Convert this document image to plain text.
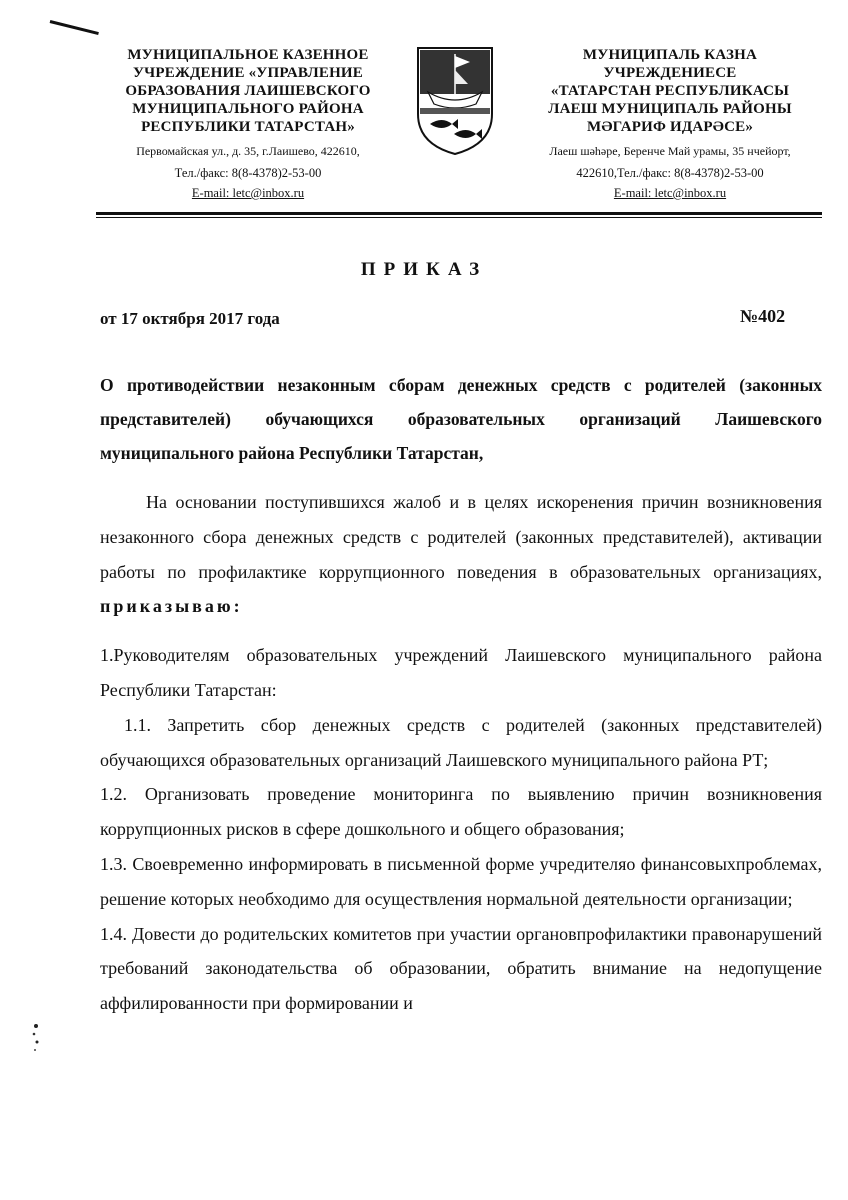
МУНИЦИПАЛЬНОЕ КАЗЕННОЕ
УЧРЕЖДЕНИЕ «УПРАВЛЕНИЕ
ОБРАЗОВАНИЯ ЛАИШЕВСКОГО
МУНИЦИПАЛЬНОГО РАЙОНА
РЕСПУБЛИКИ ТАТАРСТАН»
Первомайская ул., д. 35, г.Лаишево, 422610,
Тел./факс: 8(8-4378)2-53-00
E-mail: letc@inbox.ru
МУНИЦИПАЛЬ КАЗНА
УЧРЕЖДЕНИЕСЕ
«ТАТАРСТАН РЕСПУБЛИКАСЫ
ЛАЕШ МУНИЦИПАЛЬ РАЙОНЫ
МӘГАРИФ ИДАРӘСЕ»
Лаеш шәһәре, Беренче Май урамы, 35 нчейорт,
422610,Тел./факс: 8(8-4378)2-53-00
E-mail: letc@inbox.ru
ПРИКАЗ
от 17 октября 2017 года	№402
О противодействии незаконным сборам денежных средств с родителей (законных представителей) обучающихся образовательных организаций Лаишевского муниципального района Республики Татарстан,

На основании поступившихся жалоб и в целях искоренения причин возникновения незаконного сбора денежных средств с родителей (законных представителей), активации работы по профилактике коррупционного поведения в образовательных организациях, приказываю:

1.Руководителям образовательных учреждений Лаишевского муниципального района Республики Татарстан:

1.1. Запретить сбор денежных средств с родителей (законных представителей) обучающихся образовательных организаций Лаишевского муниципального района РТ;

1.2. Организовать проведение мониторинга по выявлению причин возникновения коррупционных рисков в сфере дошкольного и общего образования;

1.3. Своевременно информировать в письменной форме учредителяо финансовыхпроблемах, решение которых необходимо для осуществления нормальной деятельности организации;

1.4. Довести до родительских комитетов при участии органовпрофилактики правонарушений требований законодательства об образовании, обратить внимание на недопущение аффилированности при формировании и
